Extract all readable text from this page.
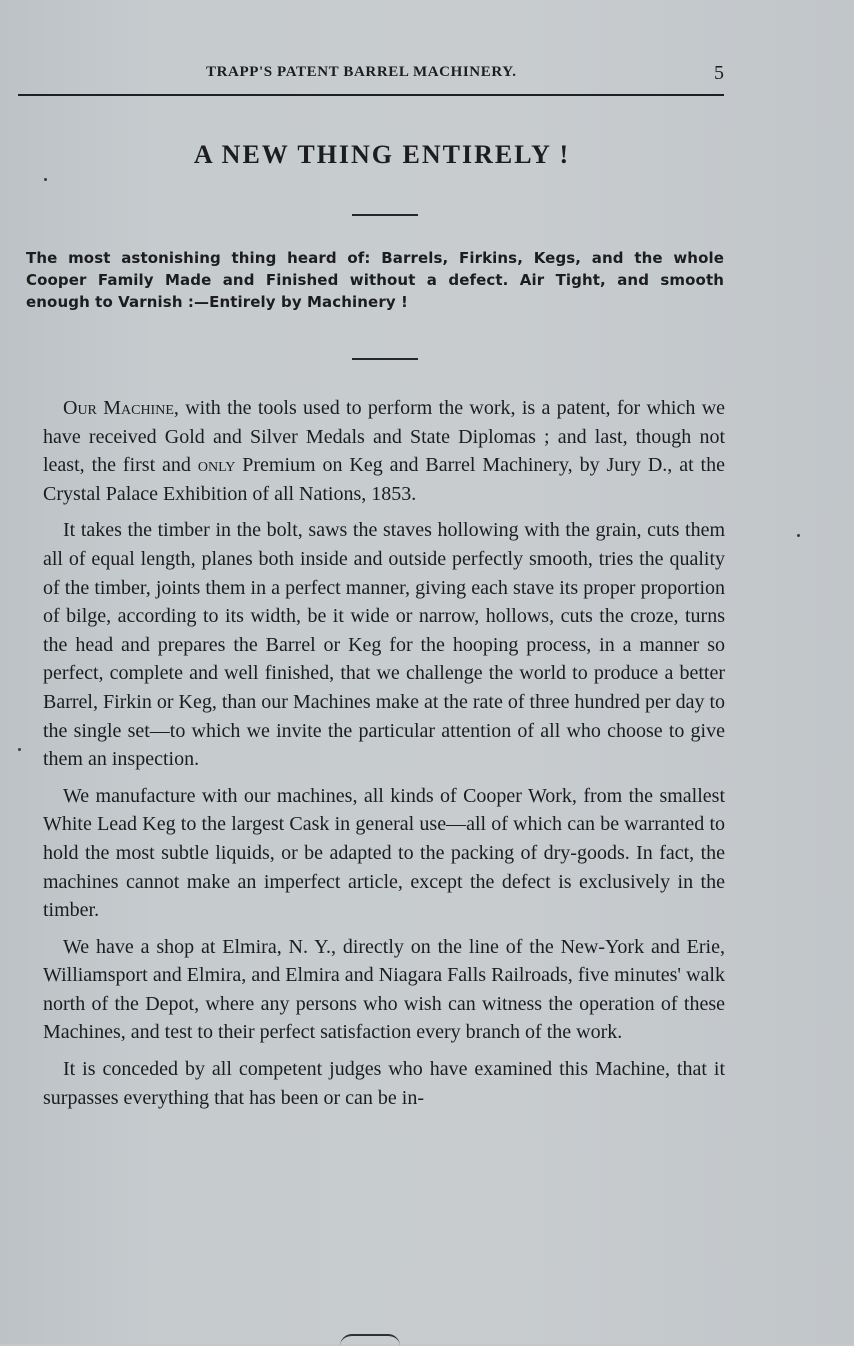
TRAPP'S PATENT BARREL MACHINERY.	5
A NEW THING ENTIRELY !
The most astonishing thing heard of: Barrels, Firkins, Kegs, and the whole Cooper Family Made and Finished without a defect. Air Tight, and smooth enough to Varnish :—Entirely by Machinery !

Our Machine, with the tools used to perform the work, is a patent, for which we have received Gold and Silver Medals and State Diplomas ; and last, though not least, the first and only Premium on Keg and Barrel Machinery, by Jury D., at the Crystal Palace Exhibition of all Nations, 1853.

It takes the timber in the bolt, saws the staves hollowing with the grain, cuts them all of equal length, planes both inside and outside perfectly smooth, tries the quality of the timber, joints them in a perfect manner, giving each stave its proper proportion of bilge, according to its width, be it wide or narrow, hollows, cuts the croze, turns the head and prepares the Barrel or Keg for the hooping process, in a manner so perfect, complete and well finished, that we challenge the world to produce a better Barrel, Firkin or Keg, than our Machines make at the rate of three hundred per day to the single set—to which we invite the particular attention of all who choose to give them an inspection.

We manufacture with our machines, all kinds of Cooper Work, from the smallest White Lead Keg to the largest Cask in general use—all of which can be warranted to hold the most subtle liquids, or be adapted to the packing of dry-goods. In fact, the machines cannot make an imperfect article, except the defect is exclusively in the timber.

We have a shop at Elmira, N. Y., directly on the line of the New-York and Erie, Williamsport and Elmira, and Elmira and Niagara Falls Railroads, five minutes' walk north of the Depot, where any persons who wish can witness the operation of these Machines, and test to their perfect satisfaction every branch of the work.

It is conceded by all competent judges who have examined this Machine, that it surpasses everything that has been or can be in-
